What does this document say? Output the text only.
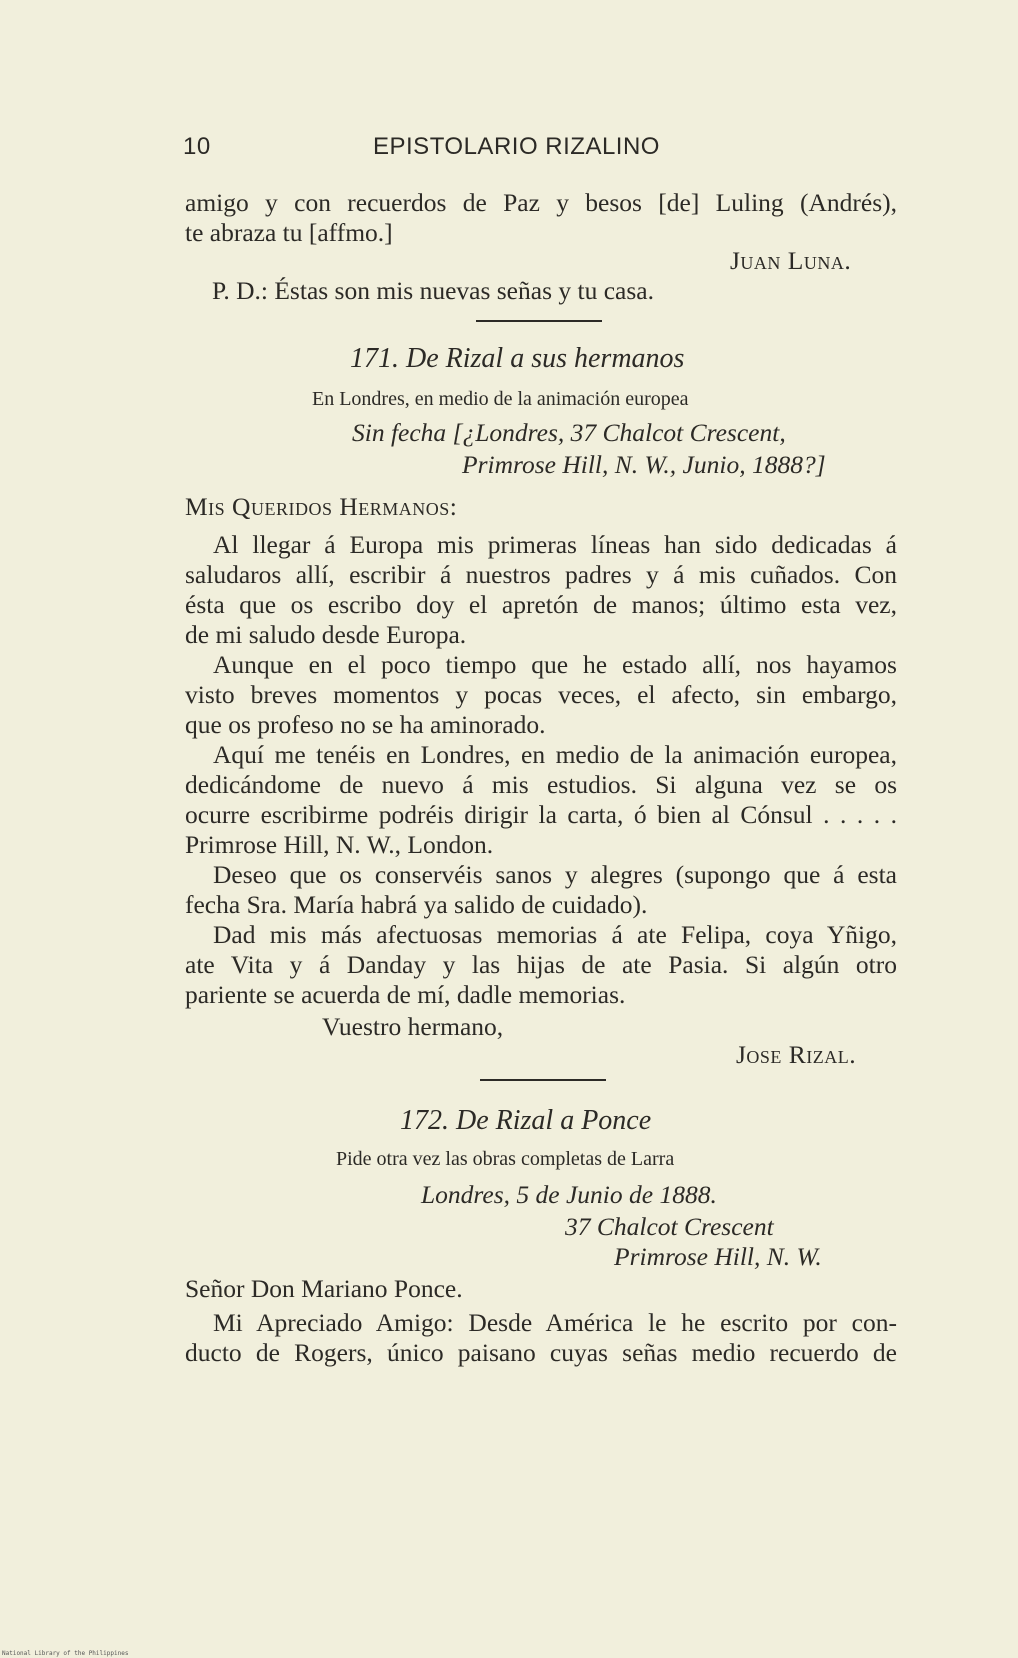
10	EPISTOLARIO RIZALINO
amigo y con recuerdos de Paz y besos [de] Luling (Andrés),
te abraza tu [affmo.]
Juan Luna.
P. D.: Éstas son mis nuevas señas y tu casa.
171. De Rizal a sus hermanos
En Londres, en medio de la animación europea
Sin fecha [¿Londres, 37 Chalcot Crescent,
Primrose Hill, N. W., Junio, 1888?]
Mis Queridos Hermanos:
Al llegar á Europa mis primeras líneas han sido dedicadas á
saludaros allí, escribir á nuestros padres y á mis cuñados. Con
ésta que os escribo doy el apretón de manos; último esta vez,
de mi saludo desde Europa.
Aunque en el poco tiempo que he estado allí, nos hayamos
visto breves momentos y pocas veces, el afecto, sin embargo,
que os profeso no se ha aminorado.
Aquí me tenéis en Londres, en medio de la animación europea,
dedicándome de nuevo á mis estudios. Si alguna vez se os
ocurre escribirme podréis dirigir la carta, ó bien al Cónsul . . . . .
Primrose Hill, N. W., London.
Deseo que os conservéis sanos y alegres (supongo que á esta
fecha Sra. María habrá ya salido de cuidado).
Dad mis más afectuosas memorias á ate Felipa, coya Yñigo,
ate Vita y á Danday y las hijas de ate Pasia. Si algún otro
pariente se acuerda de mí, dadle memorias.
Vuestro hermano,
Jose Rizal.
172. De Rizal a Ponce
Pide otra vez las obras completas de Larra
Londres, 5 de Junio de 1888.
37 Chalcot Crescent
Primrose Hill, N. W.
Señor Don Mariano Ponce.
Mi Apreciado Amigo: Desde América le he escrito por con-
ducto de Rogers, único paisano cuyas señas medio recuerdo de
National Library of the Philippines
